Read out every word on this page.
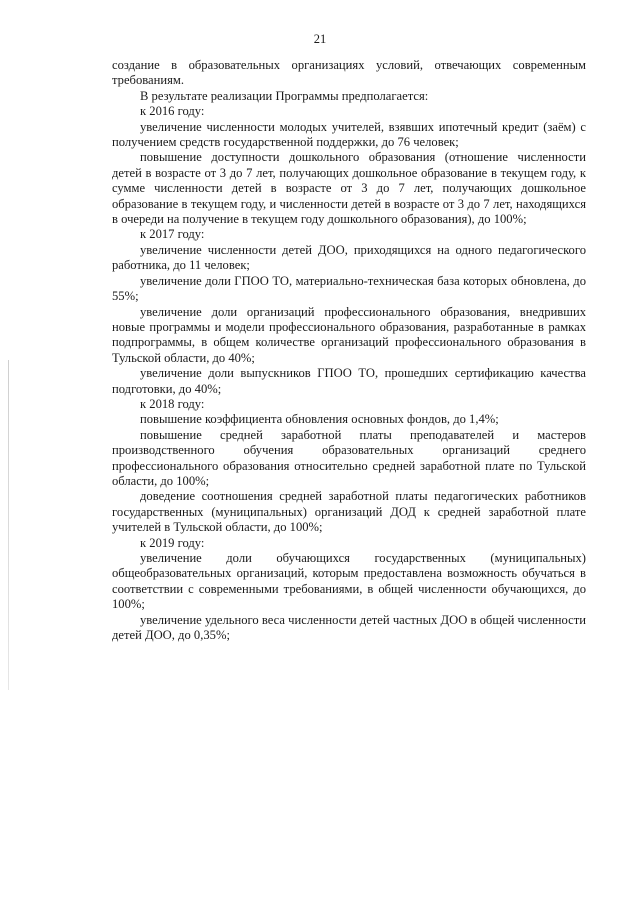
21

создание в образовательных организациях условий, отвечающих современным требованиям.

В результате реализации Программы предполагается:

к 2016 году:

увеличение численности молодых учителей, взявших ипотечный кредит (заём) с получением средств государственной поддержки, до 76 человек;

повышение доступности дошкольного образования (отношение численности детей в возрасте от 3 до 7 лет, получающих дошкольное образование в текущем году, к сумме численности детей в возрасте от 3 до 7 лет, получающих дошкольное образование в текущем году, и численности детей в возрасте от 3 до 7 лет, находящихся в очереди на получение в текущем году дошкольного образования), до 100%;

к 2017 году:

увеличение численности детей ДОО, приходящихся на одного педагогического работника, до 11 человек;

увеличение доли ГПОО ТО, материально-техническая база которых обновлена, до 55%;

увеличение доли организаций профессионального образования, внедривших новые программы и модели профессионального образования, разработанные в рамках подпрограммы, в общем количестве организаций профессионального образования в Тульской области, до 40%;

увеличение доли выпускников ГПОО ТО, прошедших сертификацию качества подготовки, до 40%;

к 2018 году:

повышение коэффициента обновления основных фондов, до 1,4%;

повышение средней заработной платы преподавателей и мастеров производственного обучения образовательных организаций среднего профессионального образования относительно средней заработной плате по Тульской области, до 100%;

доведение соотношения средней заработной платы педагогических работников государственных (муниципальных) организаций ДОД к средней заработной плате учителей в Тульской области, до 100%;

к 2019 году:

увеличение доли обучающихся государственных (муниципальных) общеобразовательных организаций, которым предоставлена возможность обучаться в соответствии с современными требованиями, в общей численности обучающихся, до 100%;

увеличение удельного веса численности детей частных ДОО в общей численности детей ДОО, до 0,35%;
